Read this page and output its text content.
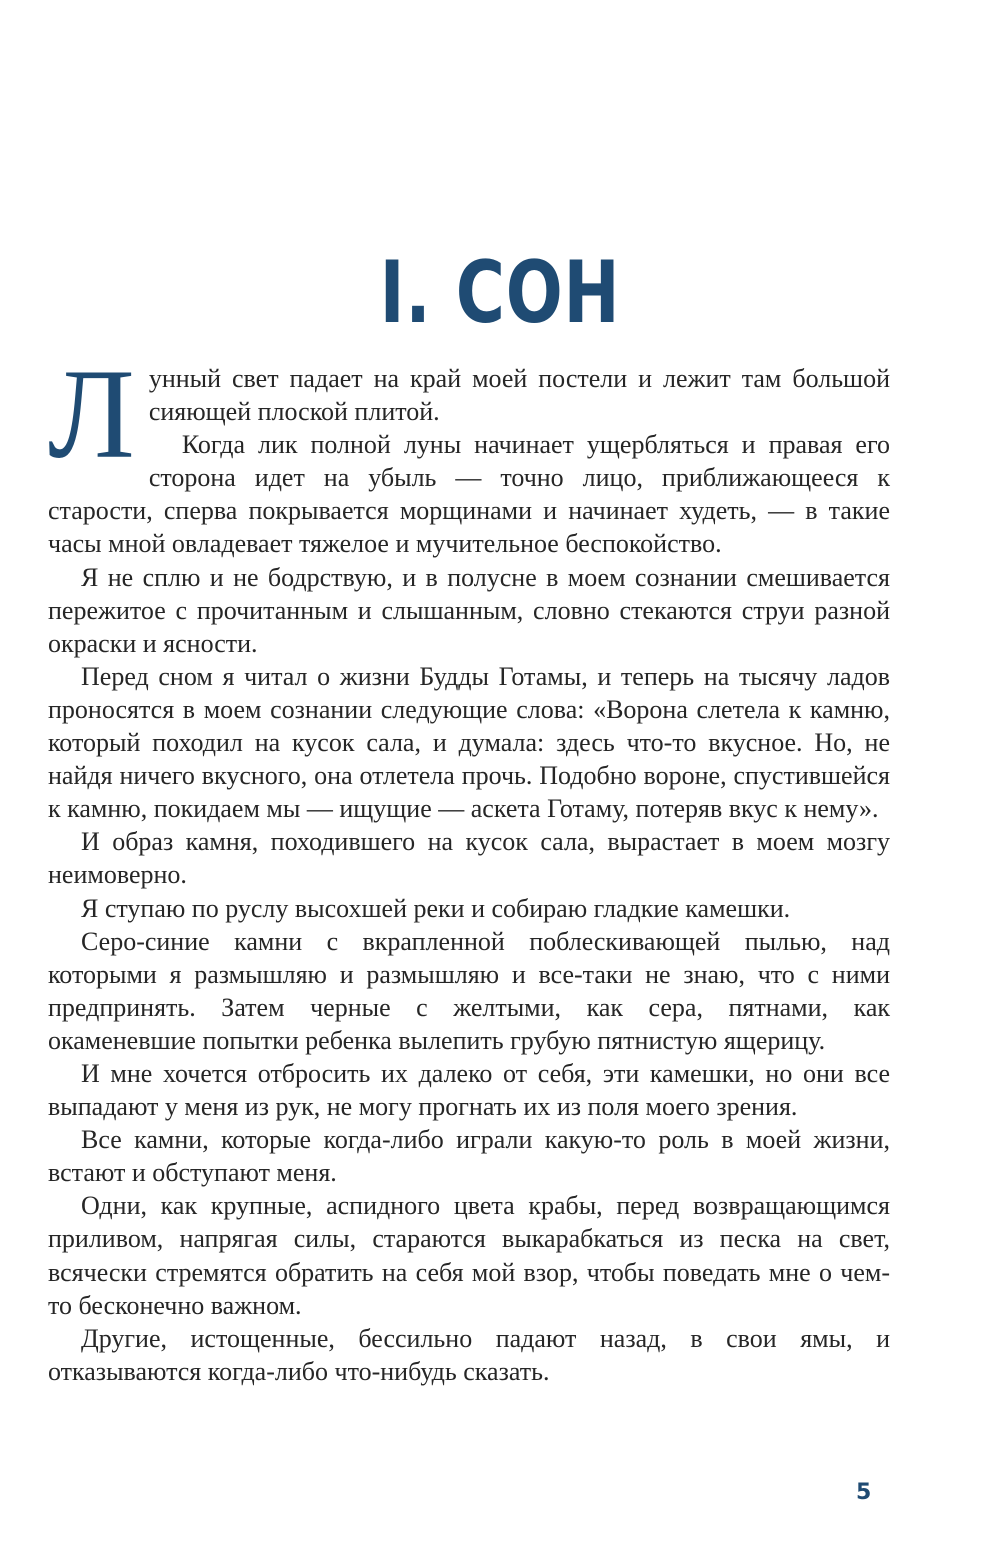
I. СОН

Лунный свет падает на край моей постели и лежит там большой сияющей плоской плитой.

Когда лик полной луны начинает ущербляться и правая его сторона идет на убыль — точно лицо, приближающееся к старости, сперва покрывается морщинами и начинает худеть, — в такие часы мной овладевает тяжелое и мучительное беспокойство.

Я не сплю и не бодрствую, и в полусне в моем сознании смешивается пережитое с прочитанным и слышанным, словно стекаются струи разной окраски и ясности.

Перед сном я читал о жизни Будды Готамы, и теперь на тысячу ладов проносятся в моем сознании следующие слова: «Ворона слетела к камню, который походил на кусок сала, и думала: здесь что-то вкусное. Но, не найдя ничего вкусного, она отлетела прочь. Подобно вороне, спустившейся к камню, покидаем мы — ищущие — аскета Готаму, потеряв вкус к нему».

И образ камня, походившего на кусок сала, вырастает в моем мозгу неимоверно.

Я ступаю по руслу высохшей реки и собираю гладкие камешки.

Серо-синие камни с вкрапленной поблескивающей пылью, над которыми я размышляю и размышляю и все-таки не знаю, что с ними предпринять. Затем черные с желтыми, как сера, пятнами, как окаменевшие попытки ребенка вылепить грубую пятнистую ящерицу.

И мне хочется отбросить их далеко от себя, эти камешки, но они все выпадают у меня из рук, не могу прогнать их из поля моего зрения.

Все камни, которые когда-либо играли какую-то роль в моей жизни, встают и обступают меня.

Одни, как крупные, аспидного цвета крабы, перед возвращающимся приливом, напрягая силы, стараются выкарабкаться из песка на свет, всячески стремятся обратить на себя мой взор, чтобы поведать мне о чем-то бесконечно важном.

Другие, истощенные, бессильно падают назад, в свои ямы, и отказываются когда-либо что-нибудь сказать.

5
